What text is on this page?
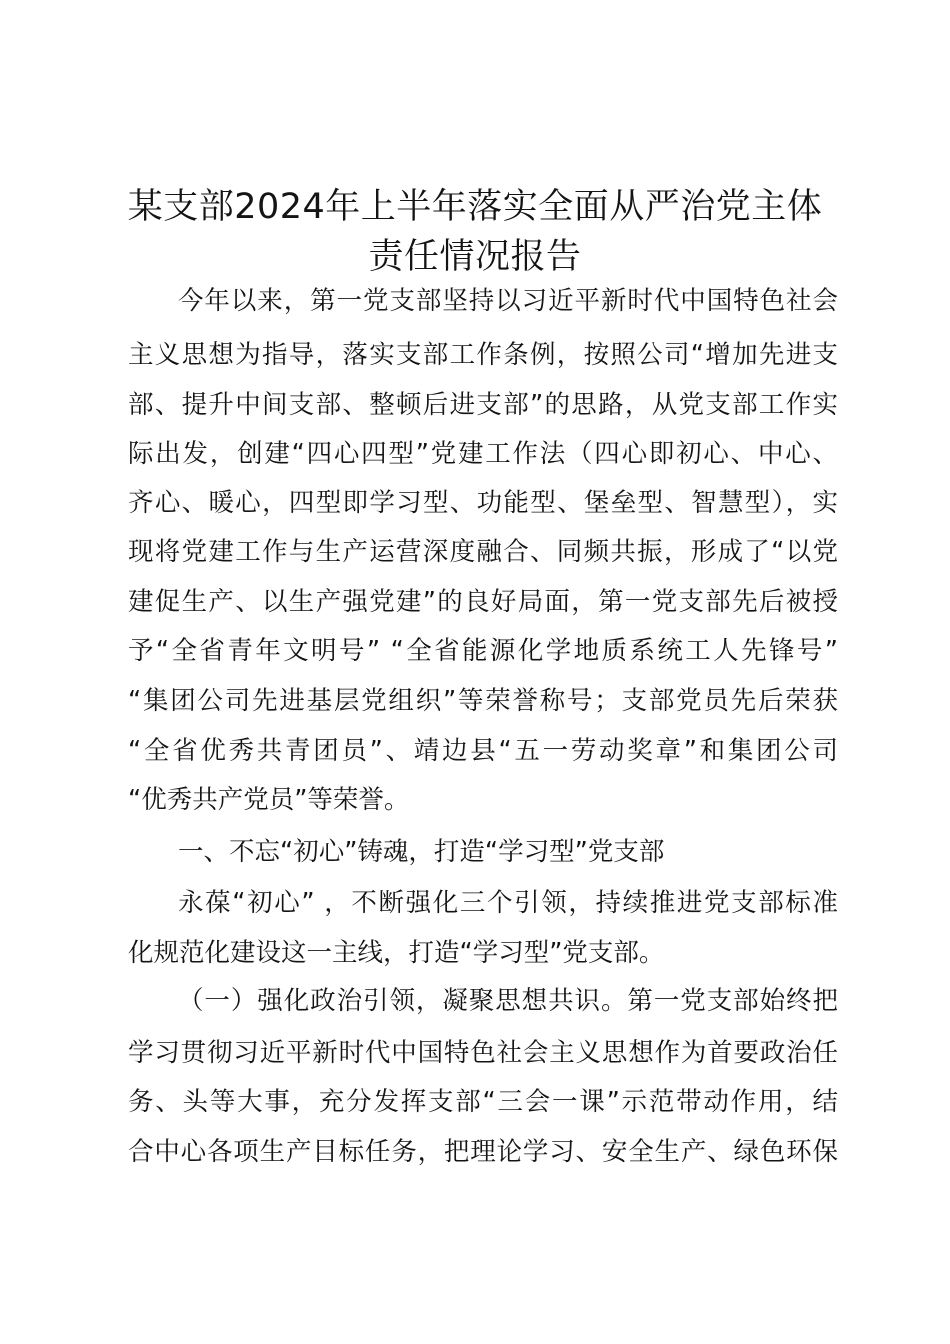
某支部2024年上半年落实全面从严治党主体
责任情况报告

今年以来，第一党支部坚持以习近平新时代中国特色社会

主义思想为指导，落实支部工作条例，按照公司“增加先进支

部、提升中间支部、整顿后进支部”的思路，从党支部工作实

际出发，创建“四心四型”党建工作法（四心即初心、中心、

齐心、暖心，四型即学习型、功能型、堡垒型、智慧型），实

现将党建工作与生产运营深度融合、同频共振，形成了“以党

建促生产、以生产强党建”的良好局面，第一党支部先后被授

予“全省青年文明号” “全省能源化学地质系统工人先锋号”

“集团公司先进基层党组织”等荣誉称号；支部党员先后荣获

“全省优秀共青团员”、靖边县“五一劳动奖章”和集团公司

“优秀共产党员”等荣誉。

一、不忘“初心”铸魂，打造“学习型”党支部

永葆“初心” ，不断强化三个引领，持续推进党支部标准

化规范化建设这一主线，打造“学习型”党支部。

（一）强化政治引领，凝聚思想共识。第一党支部始终把

学习贯彻习近平新时代中国特色社会主义思想作为首要政治任

务、头等大事，充分发挥支部“三会一课”示范带动作用，结

合中心各项生产目标任务，把理论学习、安全生产、绿色环保
